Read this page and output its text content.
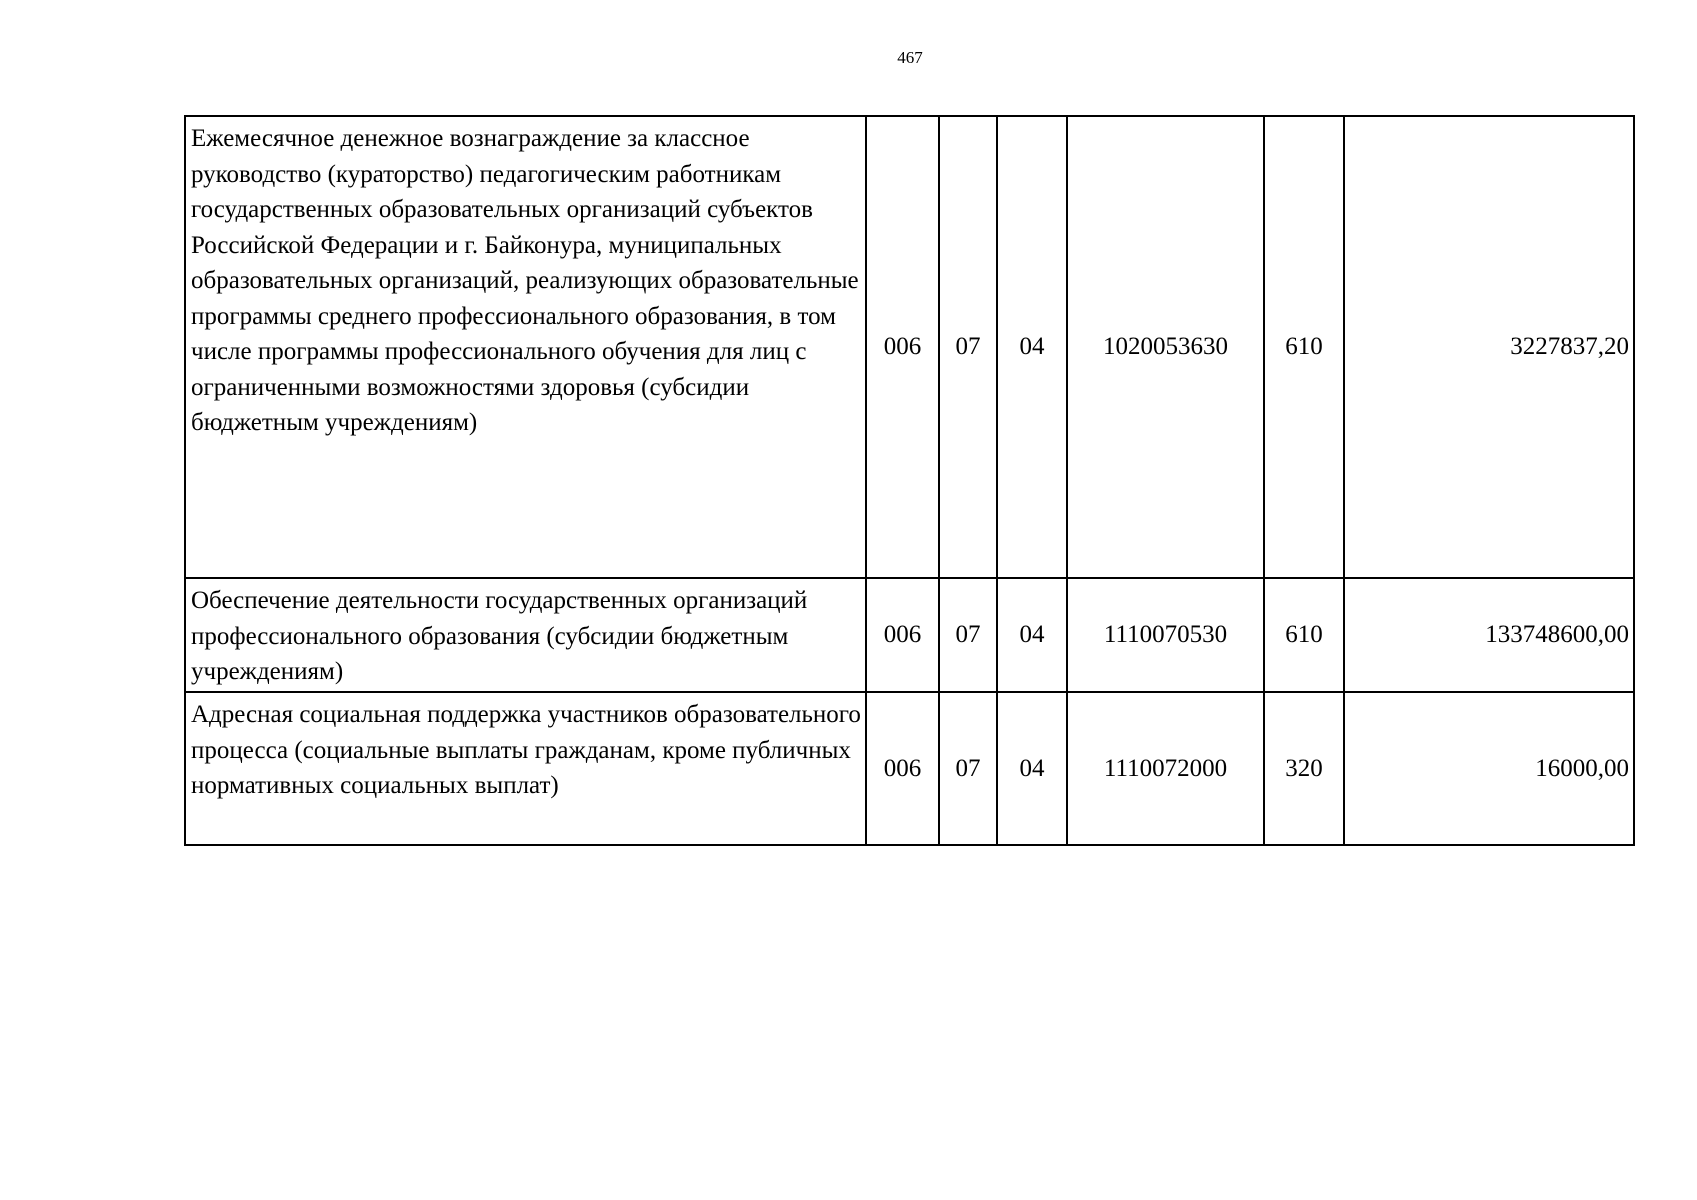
467
Ежемесячное денежное вознаграждение за классное руководство (кураторство) педагогическим работникам государственных образовательных организаций субъектов Российской Федерации и г. Байконура, муниципальных образовательных организаций, реализующих образовательные программы среднего профессионального образования, в том числе программы профессионального обучения для лиц с ограниченными возможностями здоровья (субсидии бюджетным учреждениям)	006	07	04	1020053630	610	3227837,20
Обеспечение деятельности государственных организаций профессионального образования (субсидии бюджетным учреждениям)	006	07	04	1110070530	610	133748600,00
Адресная социальная поддержка участников образовательного процесса (социальные выплаты гражданам, кроме публичных нормативных социальных выплат)	006	07	04	1110072000	320	16000,00
